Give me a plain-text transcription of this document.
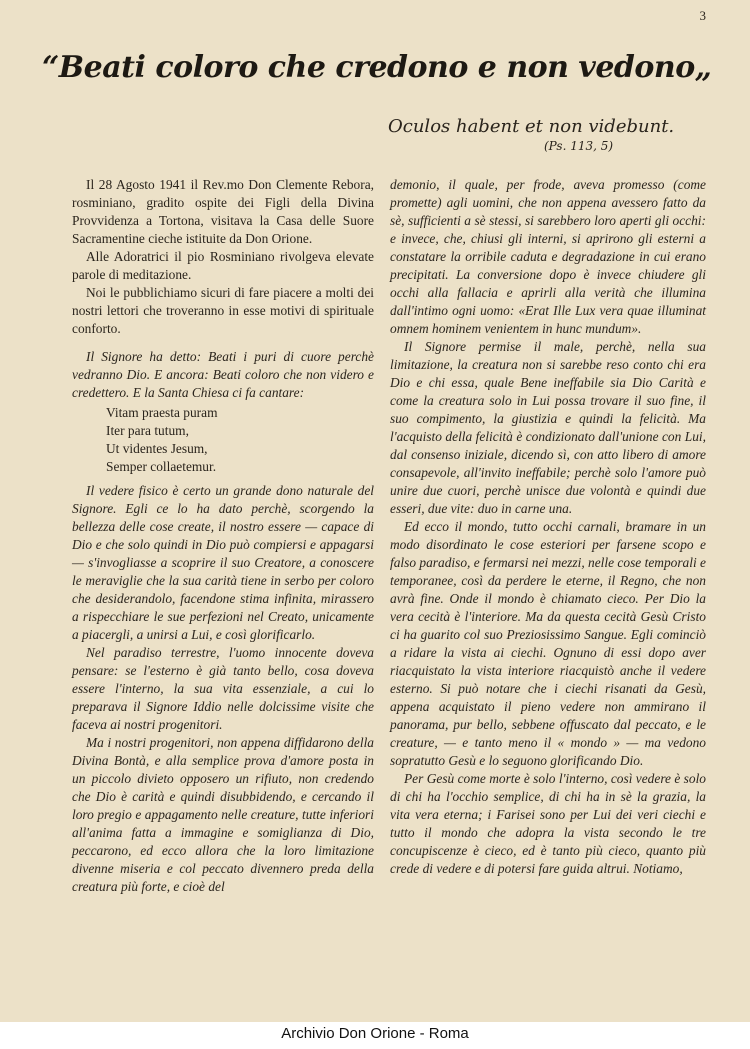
3
“Beati coloro che credono e non vedono„
Oculos habent et non videbunt.
(Ps. 113, 5)

Il 28 Agosto 1941 il Rev.mo Don Clemente Rebora, rosminiano, gradito ospite dei Figli della Divina Provvidenza a Tortona, visitava la Casa delle Suore Sacramentine cieche istituite da Don Orione.

Alle Adoratrici il pio Rosminiano rivolgeva elevate parole di meditazione.

Noi le pubblichiamo sicuri di fare piacere a molti dei nostri lettori che troveranno in esse motivi di spirituale conforto.

Il Signore ha detto: Beati i puri di cuore perchè vedranno Dio. E ancora: Beati coloro che non videro e credettero. E la Santa Chiesa ci fa cantare:

Vitam praesta puram
Iter para tutum,
Ut videntes Jesum,
Semper collaetemur.

Il vedere fisico è certo un grande dono naturale del Signore. Egli ce lo ha dato perchè, scorgendo la bellezza delle cose create, il nostro essere — capace di Dio e che solo quindi in Dio può compiersi e appagarsi — s'invogliasse a scoprire il suo Creatore, a conoscere le meraviglie che la sua carità tiene in serbo per coloro che desiderandolo, facendone stima infinita, mirassero a rispecchiare le sue perfezioni nel Creato, unicamente a piacergli, a unirsi a Lui, e così glorificarlo.

Nel paradiso terrestre, l'uomo innocente doveva pensare: se l'esterno è già tanto bello, cosa doveva essere l'interno, la sua vita essenziale, a cui lo preparava il Signore Iddio nelle dolcissime visite che faceva ai nostri progenitori.

Ma i nostri progenitori, non appena diffidarono della Divina Bontà, e alla semplice prova d'amore posta in un piccolo divieto opposero un rifiuto, non credendo che Dio è carità e quindi disubbidendo, e cercando il loro pregio e appagamento nelle creature, tutte inferiori all'anima fatta a immagine e somiglianza di Dio, peccarono, ed ecco allora che la loro limitazione divenne miseria e col peccato divennero preda della creatura più forte, e cioè del

demonio, il quale, per frode, aveva promesso (come promette) agli uomini, che non appena avessero fatto da sè, sufficienti a sè stessi, si sarebbero loro aperti gli occhi: e invece, che, chiusi gli interni, si aprirono gli esterni a constatare la orribile caduta e degradazione in cui erano precipitati. La conversione dopo è invece chiudere gli occhi alla fallacia e aprirli alla verità che illumina dall'intimo ogni uomo: «Erat Ille Lux vera quae illuminat omnem hominem venientem in hunc mundum».

Il Signore permise il male, perchè, nella sua limitazione, la creatura non si sarebbe reso conto chi era Dio e chi essa, quale Bene ineffabile sia Dio Carità e come la creatura solo in Lui possa trovare il suo fine, il suo compimento, la giustizia e quindi la felicità. Ma l'acquisto della felicità è condizionato dall'unione con Lui, dal consenso iniziale, dicendo sì, con atto libero di amore consapevole, all'invito ineffabile; perchè solo l'amore può unire due cuori, perchè unisce due volontà e quindi due esseri, due vite: duo in carne una.

Ed ecco il mondo, tutto occhi carnali, bramare in un modo disordinato le cose esteriori per farsene scopo e falso paradiso, e fermarsi nei mezzi, nelle cose temporali e temporanee, così da perdere le eterne, il Regno, che non avrà fine. Onde il mondo è chiamato cieco. Per Dio la vera cecità è l'interiore. Ma da questa cecità Gesù Cristo ci ha guarito col suo Preziosissimo Sangue. Egli cominciò a ridare la vista ai ciechi. Ognuno di essi dopo aver riacquistato la vista interiore riacquistò anche il vedere esterno. Si può notare che i ciechi risanati da Gesù, appena acquistato il pieno vedere non ammirano il panorama, pur bello, sebbene offuscato dal peccato, e le creature, — e tanto meno il « mondo » — ma vedono sopratutto Gesù e lo seguono glorificando Dio.

Per Gesù come morte è solo l'interno, così vedere è solo di chi ha l'occhio semplice, di chi ha in sè la grazia, la vita vera eterna; i Farisei sono per Lui dei veri ciechi e tutto il mondo che adopra la vista secondo le tre concupiscenze è cieco, ed è tanto più cieco, quanto più crede di vedere e di potersi fare guida altrui. Notiamo,

Archivio Don Orione - Roma
